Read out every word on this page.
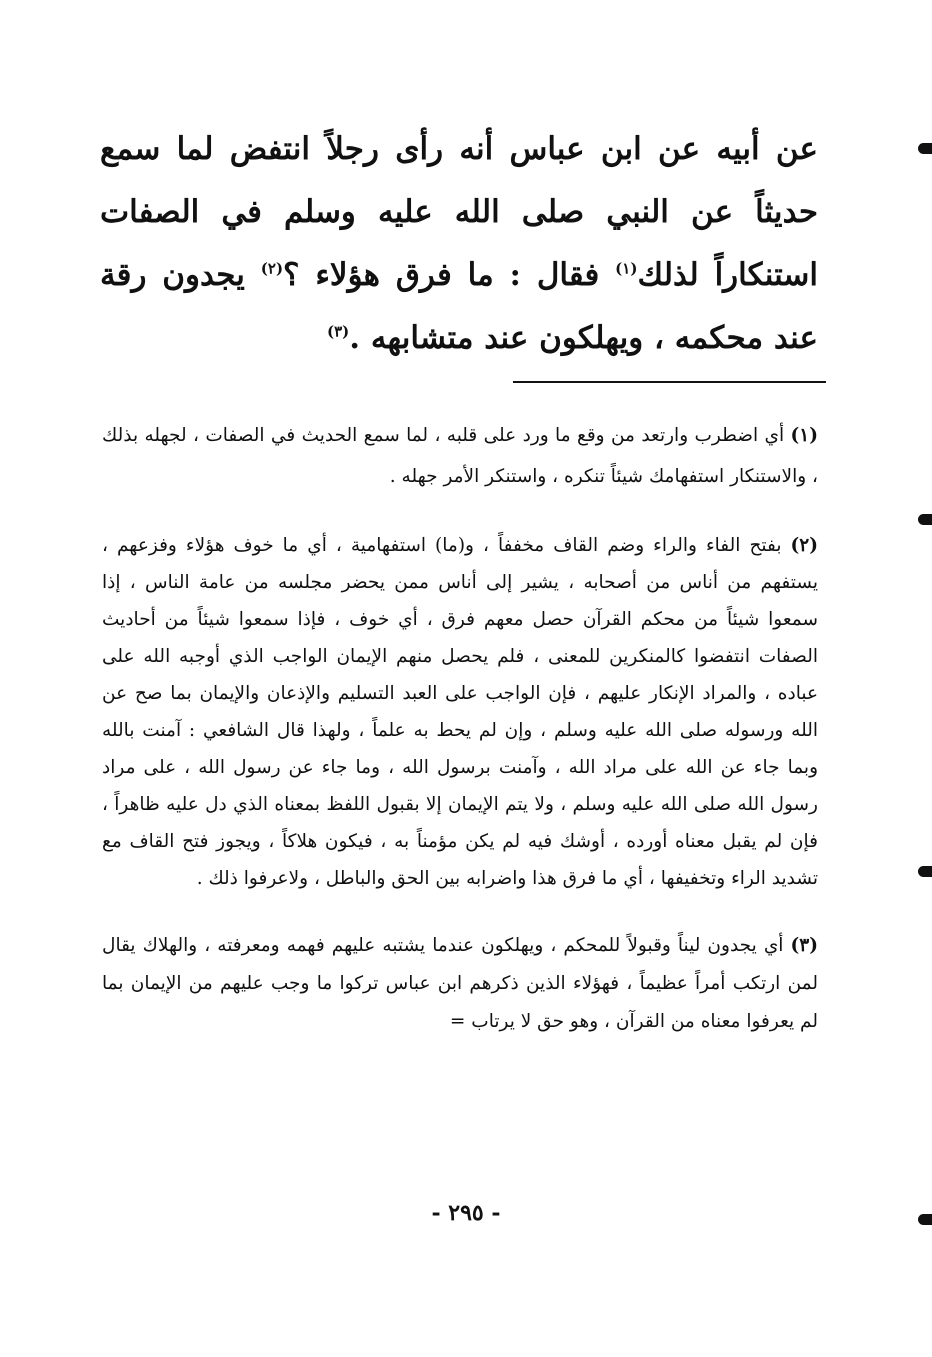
عن أبيه عن ابن عباس أنه رأى رجلاً انتفض لما سمع حديثاً عن النبي صلى الله عليه وسلم في الصفات استنكاراً لذلك$^{(١)}$ فقال : ما فرق هؤلاء ؟$^{(٢)}$ يجدون رقة عند محكمه ، ويهلكون عند متشابهه .$^{(٣)}$

(١) أي اضطرب وارتعد من وقع ما ورد على قلبه ، لما سمع الحديث في الصفات ، لجهله بذلك ، والاستنكار استفهامك شيئاً تنكره ، واستنكر الأمر جهله .

(٢) بفتح الفاء والراء وضم القاف مخففاً ، و(ما) استفهامية ، أي ما خوف هؤلاء وفزعهم ، يستفهم من أناس من أصحابه ، يشير إلى أناس ممن يحضر مجلسه من عامة الناس ، إذا سمعوا شيئاً من محكم القرآن حصل معهم فرق ، أي خوف ، فإذا سمعوا شيئاً من أحاديث الصفات انتفضوا كالمنكرين للمعنى ، فلم يحصل منهم الإيمان الواجب الذي أوجبه الله على عباده ، والمراد الإنكار عليهم ، فإن الواجب على العبد التسليم والإذعان والإيمان بما صح عن الله ورسوله صلى الله عليه وسلم ، وإن لم يحط به علماً ، ولهذا قال الشافعي : آمنت بالله وبما جاء عن الله على مراد الله ، وآمنت برسول الله ، وما جاء عن رسول الله ، على مراد رسول الله صلى الله عليه وسلم ، ولا يتم الإيمان إلا بقبول اللفظ بمعناه الذي دل عليه ظاهراً ، فإن لم يقبل معناه أورده ، أوشك فيه لم يكن مؤمناً به ، فيكون هلاكاً ، ويجوز فتح القاف مع تشديد الراء وتخفيفها ، أي ما فرق هذا واضرابه بين الحق والباطل ، ولاعرفوا ذلك .

(٣) أي يجدون ليناً وقبولاً للمحكم ، ويهلكون عندما يشتبه عليهم فهمه ومعرفته ، والهلاك يقال لمن ارتكب أمراً عظيماً ، فهؤلاء الذين ذكرهم ابن عباس تركوا ما وجب عليهم من الإيمان بما لم يعرفوا معناه من القرآن ، وهو حق لا يرتاب =

- ٢٩٥ -
